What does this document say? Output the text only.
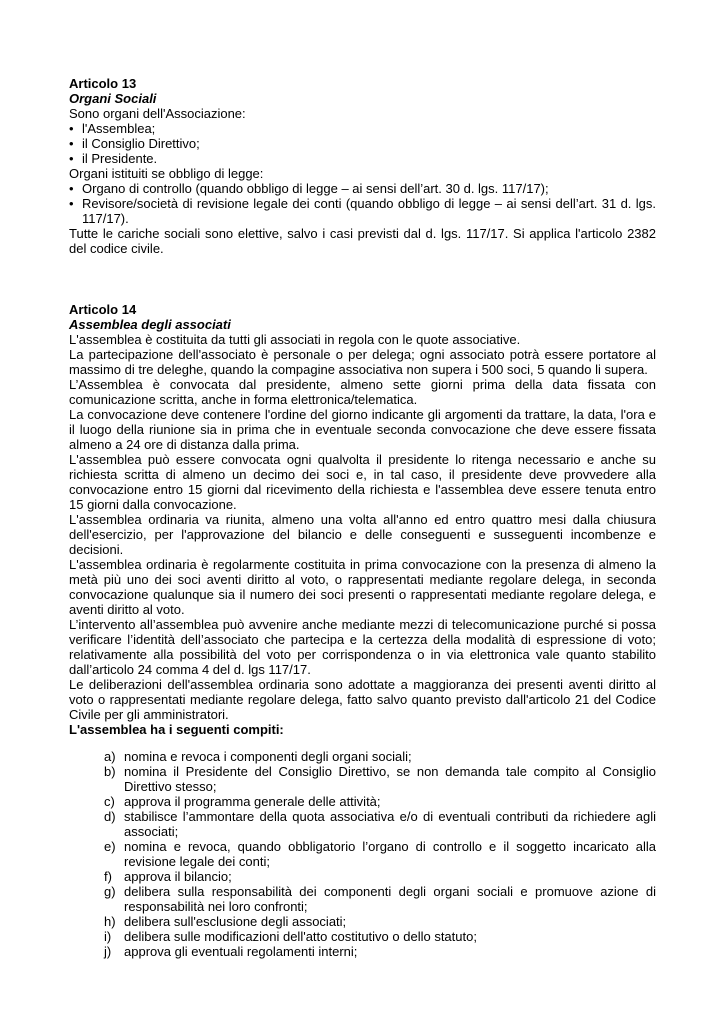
Articolo 13

Organi Sociali

Sono organi dell'Associazione:

• l'Assemblea;
• il Consiglio Direttivo;
• il Presidente.

Organi istituiti se obbligo di legge:

• Organo di controllo (quando obbligo di legge – ai sensi dell’art. 30 d. lgs. 117/17);
• Revisore/società di revisione legale dei conti (quando obbligo di legge – ai sensi dell’art. 31 d. lgs. 117/17).

Tutte le cariche sociali sono elettive, salvo i casi previsti dal d. lgs. 117/17. Si applica l'articolo 2382 del codice civile.

Articolo 14

Assemblea degli associati

L'assemblea è costituita da tutti gli associati in regola con le quote associative.

La partecipazione dell'associato è personale o per delega; ogni associato potrà essere portatore al massimo di tre deleghe, quando la compagine associativa non supera i 500 soci, 5 quando li supera.

L’Assemblea è convocata dal presidente, almeno sette giorni prima della data fissata con comunicazione scritta, anche in forma elettronica/telematica.

La convocazione deve contenere l'ordine del giorno indicante gli argomenti da trattare, la data, l'ora e il luogo della riunione sia in prima che in eventuale seconda convocazione che deve essere fissata almeno a 24 ore di distanza dalla prima.

L'assemblea può essere convocata ogni qualvolta il presidente lo ritenga necessario e anche su richiesta scritta di almeno un decimo dei soci e, in tal caso, il presidente deve provvedere alla convocazione entro 15 giorni dal ricevimento della richiesta e l'assemblea deve essere tenuta entro 15 giorni dalla convocazione.

L'assemblea ordinaria va riunita, almeno una volta all'anno ed entro quattro mesi dalla chiusura dell'esercizio, per l'approvazione del bilancio e delle conseguenti e susseguenti incombenze e decisioni.

L'assemblea ordinaria è regolarmente costituita in prima convocazione con la presenza di almeno la metà più uno dei soci aventi diritto al voto, o rappresentati mediante regolare delega, in seconda convocazione qualunque sia il numero dei soci presenti o rappresentati mediante regolare delega, e aventi diritto al voto.

L’intervento all’assemblea può avvenire anche mediante mezzi di telecomunicazione purché si possa verificare l’identità dell’associato che partecipa e la certezza della modalità di espressione di voto; relativamente alla possibilità del voto per corrispondenza o in via elettronica vale quanto stabilito dall’articolo 24 comma 4 del d. lgs 117/17.

Le deliberazioni dell'assemblea ordinaria sono adottate a maggioranza dei presenti aventi diritto al voto o rappresentati mediante regolare delega, fatto salvo quanto previsto dall'articolo 21 del Codice Civile per gli amministratori.

L'assemblea ha i seguenti compiti:

a) nomina e revoca i componenti degli organi sociali;
b) nomina il Presidente del Consiglio Direttivo, se non demanda tale compito al Consiglio Direttivo stesso;
c) approva il programma generale delle attività;
d) stabilisce l’ammontare della quota associativa e/o di eventuali contributi da richiedere agli associati;
e) nomina e revoca, quando obbligatorio l’organo di controllo e il soggetto incaricato alla revisione legale dei conti;
f) approva il bilancio;
g) delibera sulla responsabilità dei componenti degli organi sociali e promuove azione di responsabilità nei loro confronti;
h) delibera sull'esclusione degli associati;
i) delibera sulle modificazioni dell'atto costitutivo o dello statuto;
j) approva gli eventuali regolamenti interni;
